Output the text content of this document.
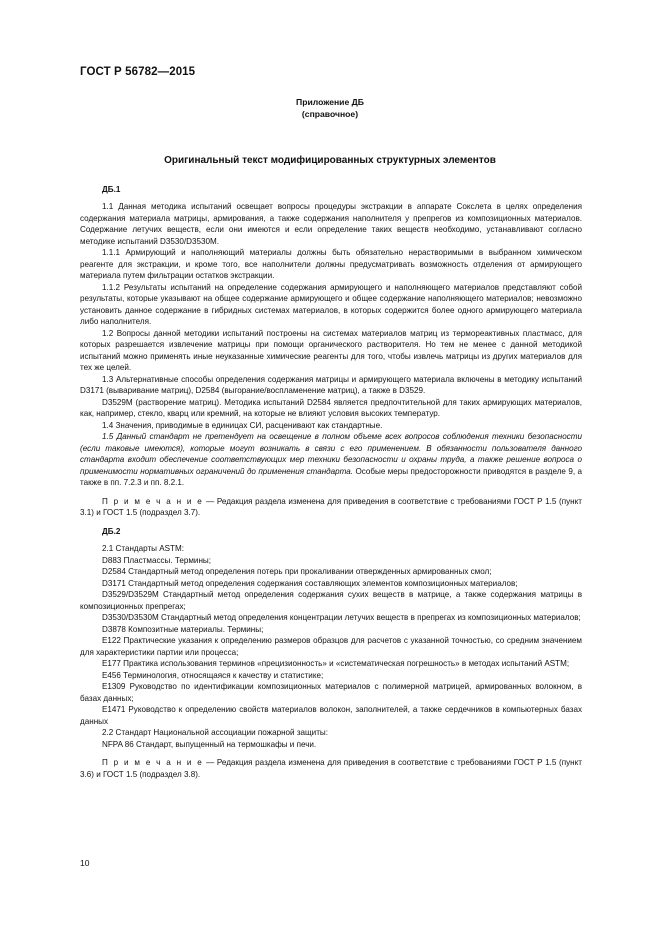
ГОСТ Р 56782—2015
Приложение ДБ
(справочное)
Оригинальный текст модифицированных структурных элементов

ДБ.1

1.1 Данная методика испытаний освещает вопросы процедуры экстракции в аппарате Сокслета в целях определения содержания материала матрицы, армирования, а также содержания наполнителя у препрегов из композиционных материалов. Содержание летучих веществ, если они имеются и если определение таких веществ необходимо, устанавливают согласно методике испытаний D3530/D3530M.

1.1.1 Армирующий и наполняющий материалы должны быть обязательно нерастворимыми в выбранном химическом реагенте для экстракции, и кроме того, все наполнители должны предусматривать возможность отделения от армирующего материала путем фильтрации остатков экстракции.

1.1.2 Результаты испытаний на определение содержания армирующего и наполняющего материалов представляют собой результаты, которые указывают на общее содержание армирующего и общее содержание наполняющего материалов; невозможно установить данное содержание в гибридных системах материалов, в которых содержится более одного армирующего материала либо наполнителя.

1.2 Вопросы данной методики испытаний построены на системах материалов матриц из термореактивных пластмасс, для которых разрешается извлечение матрицы при помощи органического растворителя. Но тем не менее с данной методикой испытаний можно применять иные неуказанные химические реагенты для того, чтобы извлечь матрицы из других материалов для тех же целей.

1.3 Альтернативные способы определения содержания матрицы и армирующего материала включены в методику испытаний D3171 (вываривание матриц), D2584 (выгорание/воспламенение матриц), а также в D3529.

D3529M (растворение матриц). Методика испытаний D2584 является предпочтительной для таких армирующих материалов, как, например, стекло, кварц или кремний, на которые не влияют условия высоких температур.

1.4 Значения, приводимые в единицах СИ, расценивают как стандартные.

1.5 Данный стандарт не претендует на освещение в полном объеме всех вопросов соблюдения техники безопасности (если таковые имеются), которые могут возникать в связи с его применением. В обязанности пользователя данного стандарта входит обеспечение соответствующих мер техники безопасности и охраны труда, а также решение вопроса о применимости нормативных ограничений до применения стандарта. Особые меры предосторожности приводятся в разделе 9, а также в пп. 7.2.3 и пп. 8.2.1.

П р и м е ч а н и е — Редакция раздела изменена для приведения в соответствие с требованиями ГОСТ Р 1.5 (пункт 3.1) и ГОСТ 1.5 (подраздел 3.7).

ДБ.2

2.1 Стандарты ASTM:

D883 Пластмассы. Термины;

D2584 Стандартный метод определения потерь при прокаливании отвержденных армированных смол;

D3171 Стандартный метод определения содержания составляющих элементов композиционных материалов;

D3529/D3529M Стандартный метод определения содержания сухих веществ в матрице, а также содержания матрицы в композиционных препрегах;

D3530/D3530M Стандартный метод определения концентрации летучих веществ в препрегах из композиционных материалов;

D3878 Композитные материалы. Термины;

E122 Практические указания к определению размеров образцов для расчетов с указанной точностью, со средним значением для характеристики партии или процесса;

E177 Практика использования терминов «прецизионность» и «систематическая погрешность» в методах испытаний ASTM;

E456 Терминология, относящаяся к качеству и статистике;

E1309 Руководство по идентификации композиционных материалов с полимерной матрицей, армированных волокном, в базах данных;

E1471 Руководство к определению свойств материалов волокон, заполнителей, а также сердечников в компьютерных базах данных

2.2 Стандарт Национальной ассоциации пожарной защиты:

NFPA 86 Стандарт, выпущенный на термошкафы и печи.

П р и м е ч а н и е — Редакция раздела изменена для приведения в соответствие с требованиями ГОСТ Р 1.5 (пункт 3.6) и ГОСТ 1.5 (подраздел 3.8).

10
